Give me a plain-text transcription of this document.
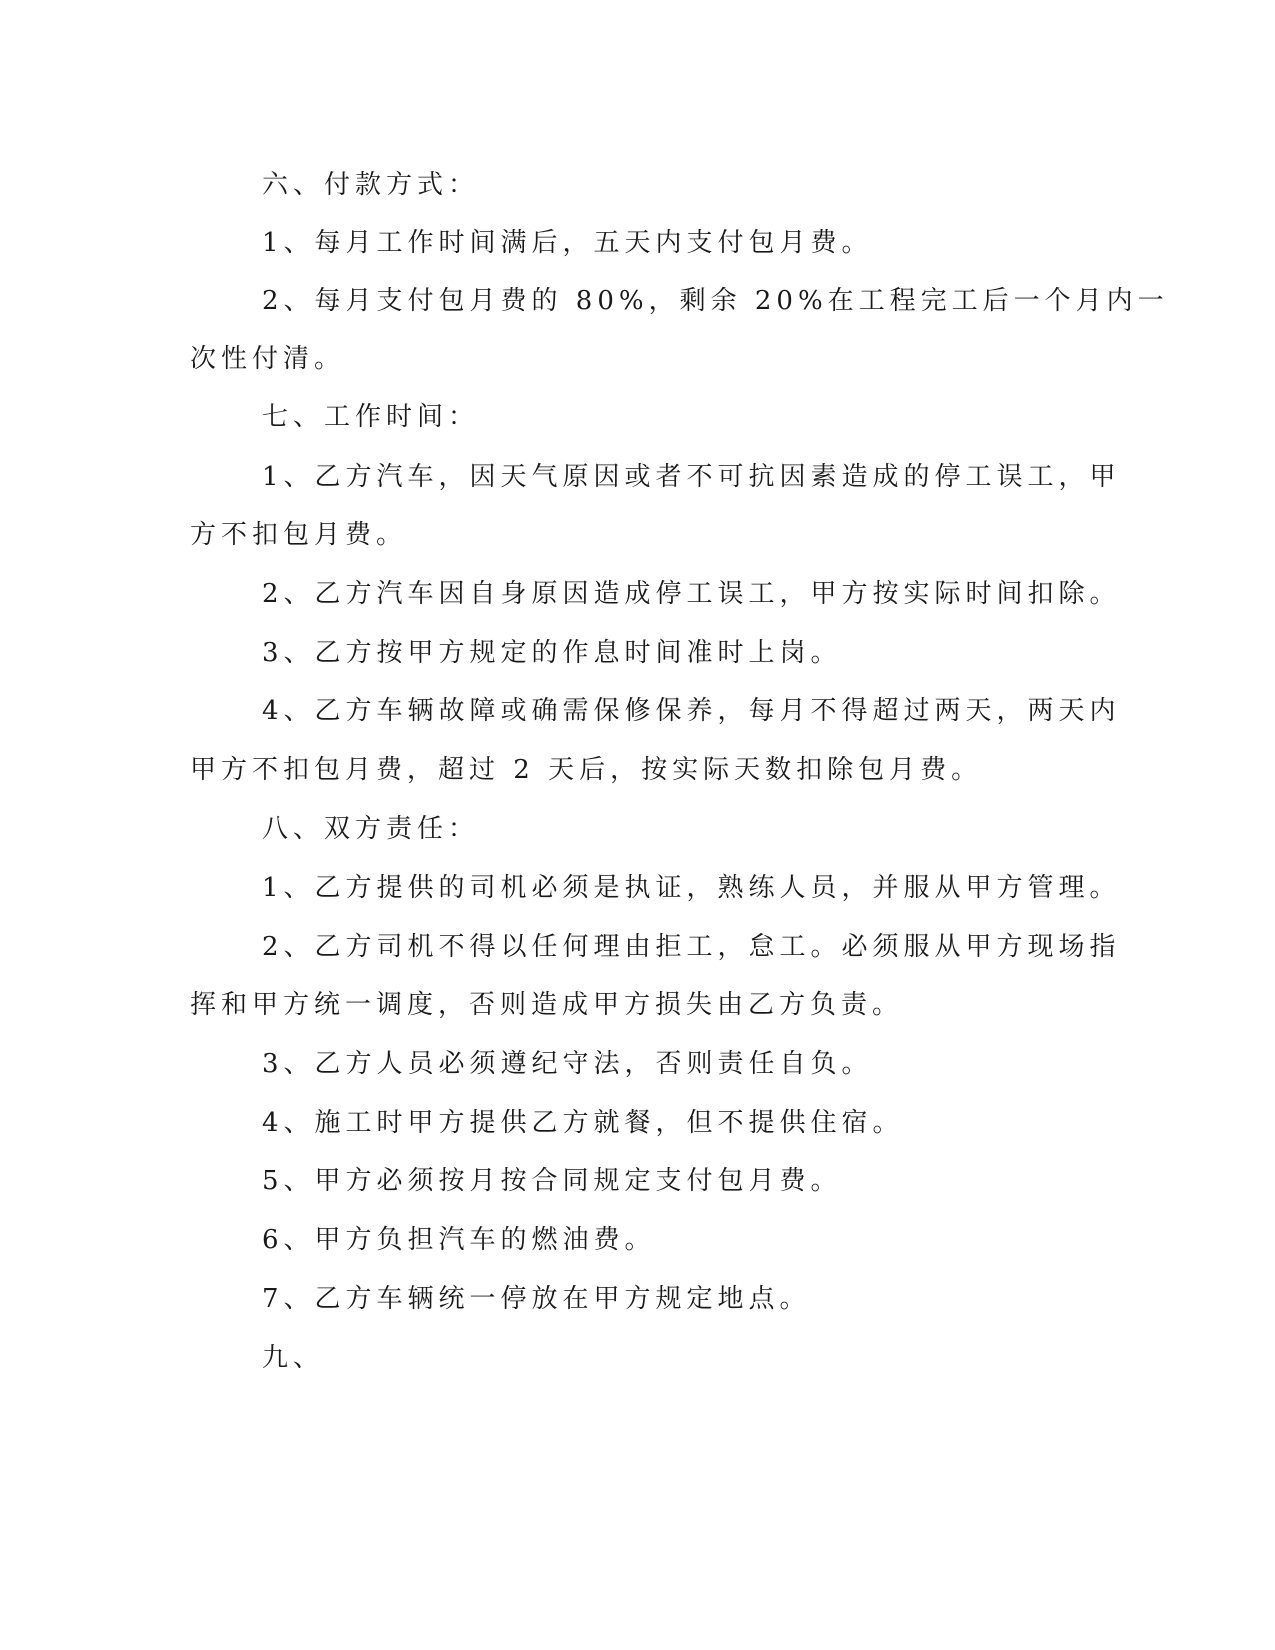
六、付款方式：
1、每月工作时间满后，五天内支付包月费。
2、每月支付包月费的 80%，剩余 20%在工程完工后一个月内一
次性付清。
七、工作时间：
1、乙方汽车，因天气原因或者不可抗因素造成的停工误工，甲
方不扣包月费。
2、乙方汽车因自身原因造成停工误工，甲方按实际时间扣除。
3、乙方按甲方规定的作息时间准时上岗。
4、乙方车辆故障或确需保修保养，每月不得超过两天，两天内
甲方不扣包月费，超过 2 天后，按实际天数扣除包月费。
八、双方责任：
1、乙方提供的司机必须是执证，熟练人员，并服从甲方管理。
2、乙方司机不得以任何理由拒工，怠工。必须服从甲方现场指
挥和甲方统一调度，否则造成甲方损失由乙方负责。
3、乙方人员必须遵纪守法，否则责任自负。
4、施工时甲方提供乙方就餐，但不提供住宿。
5、甲方必须按月按合同规定支付包月费。
6、甲方负担汽车的燃油费。
7、乙方车辆统一停放在甲方规定地点。
九、
